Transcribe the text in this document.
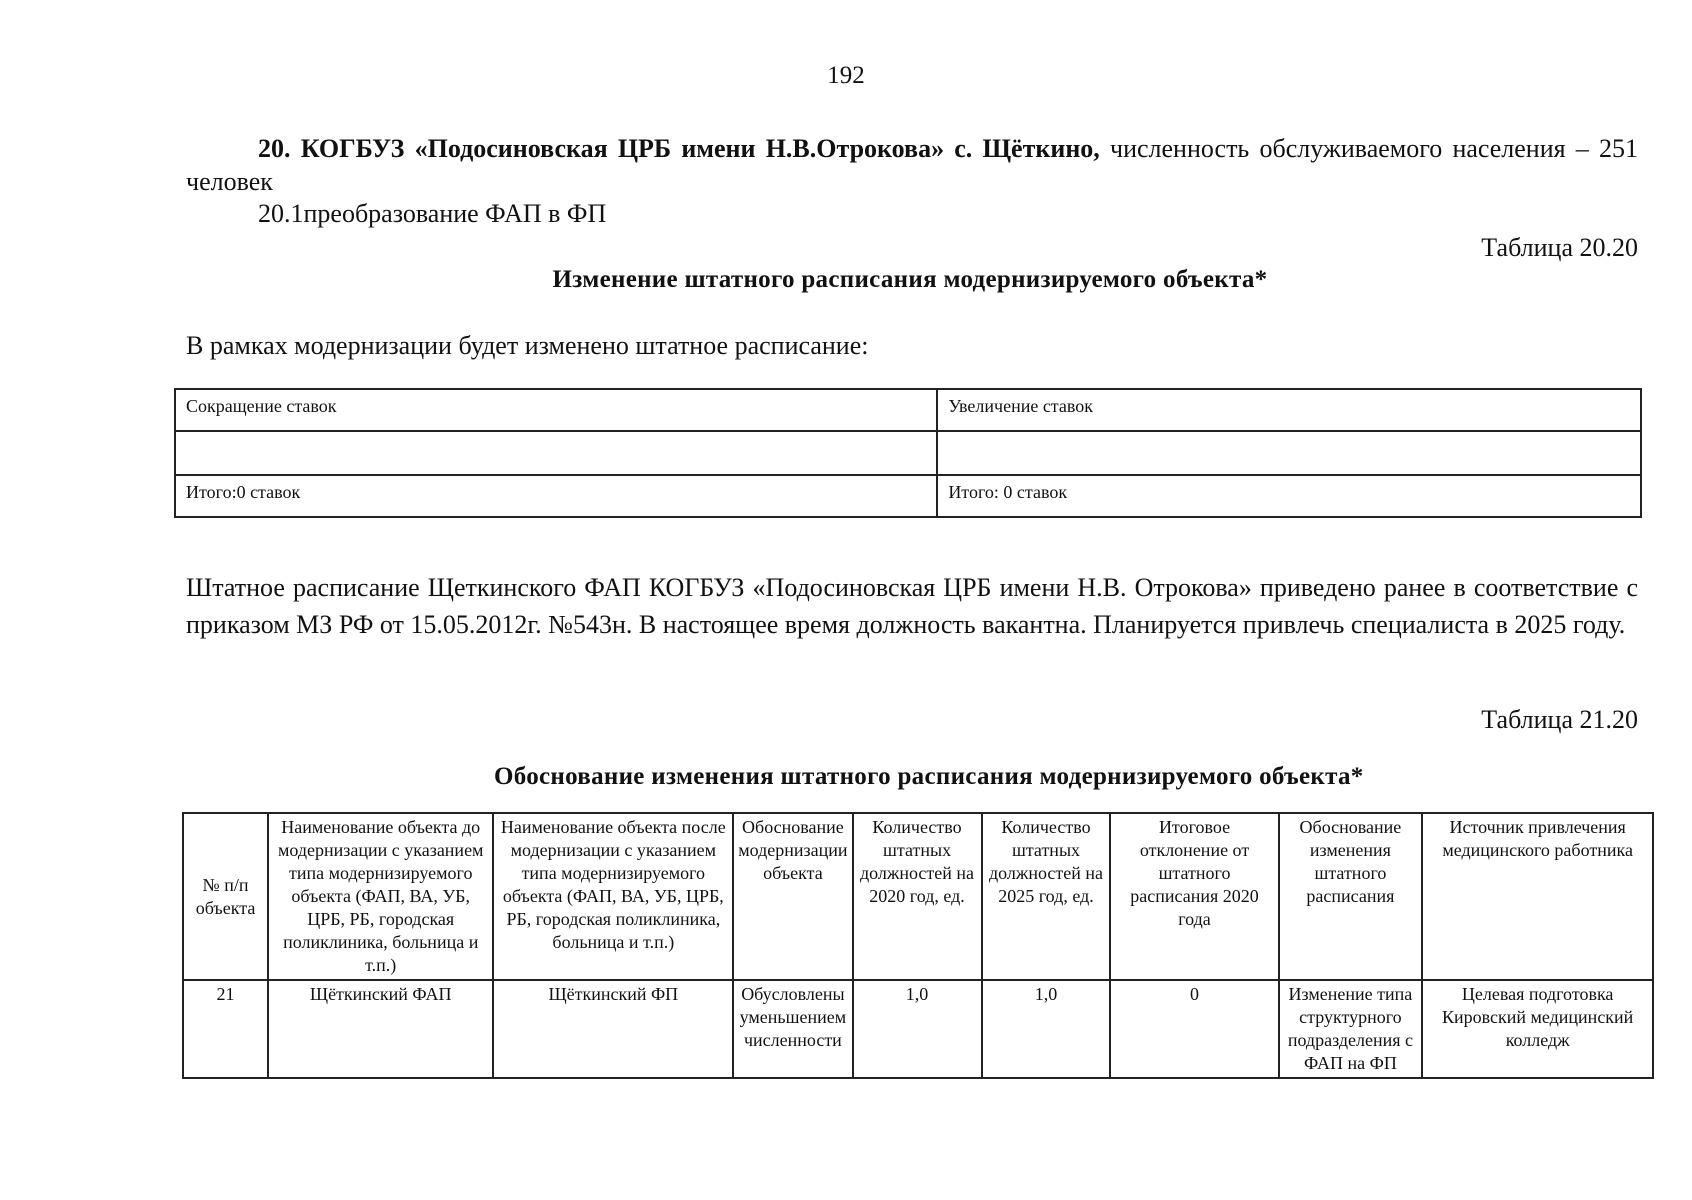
192
20. КОГБУЗ «Подосиновская ЦРБ имени Н.В.Отрокова» с. Щёткино, численность обслуживаемого населения – 251 человек
20.1преобразование ФАП в ФП
Таблица 20.20
Изменение штатного расписания модернизируемого объекта*
В рамках модернизации будет изменено штатное расписание:
Сокращение ставок	Увеличение ставок

Итого:0 ставок	Итого: 0 ставок
Штатное расписание Щеткинского ФАП КОГБУЗ «Подосиновская ЦРБ имени Н.В. Отрокова» приведено ранее в соответствие с приказом МЗ РФ от 15.05.2012г. №543н. В настоящее время должность вакантна. Планируется привлечь специалиста в 2025 году.
Таблица 21.20
Обоснование изменения штатного расписания модернизируемого объекта*
№ п/п объекта	Наименование объекта до модернизации с указанием типа модернизируемого объекта (ФАП, ВА, УБ, ЦРБ, РБ, городская поликлиника, больница и т.п.)	Наименование объекта после модернизации с указанием типа модернизируемого объекта (ФАП, ВА, УБ, ЦРБ, РБ, городская поликлиника, больница и т.п.)	Обоснование модернизации объекта	Количество штатных должностей на 2020 год, ед.	Количество штатных должностей на 2025 год, ед.	Итоговое отклонение от штатного расписания 2020 года	Обоснование изменения штатного расписания	Источник привлечения медицинского работника
21	Щёткинский ФАП	Щёткинский ФП	Обусловлены уменьшением численности	1,0	1,0	0	Изменение типа структурного подразделения с ФАП на ФП	Целевая подготовка Кировский медицинский колледж
